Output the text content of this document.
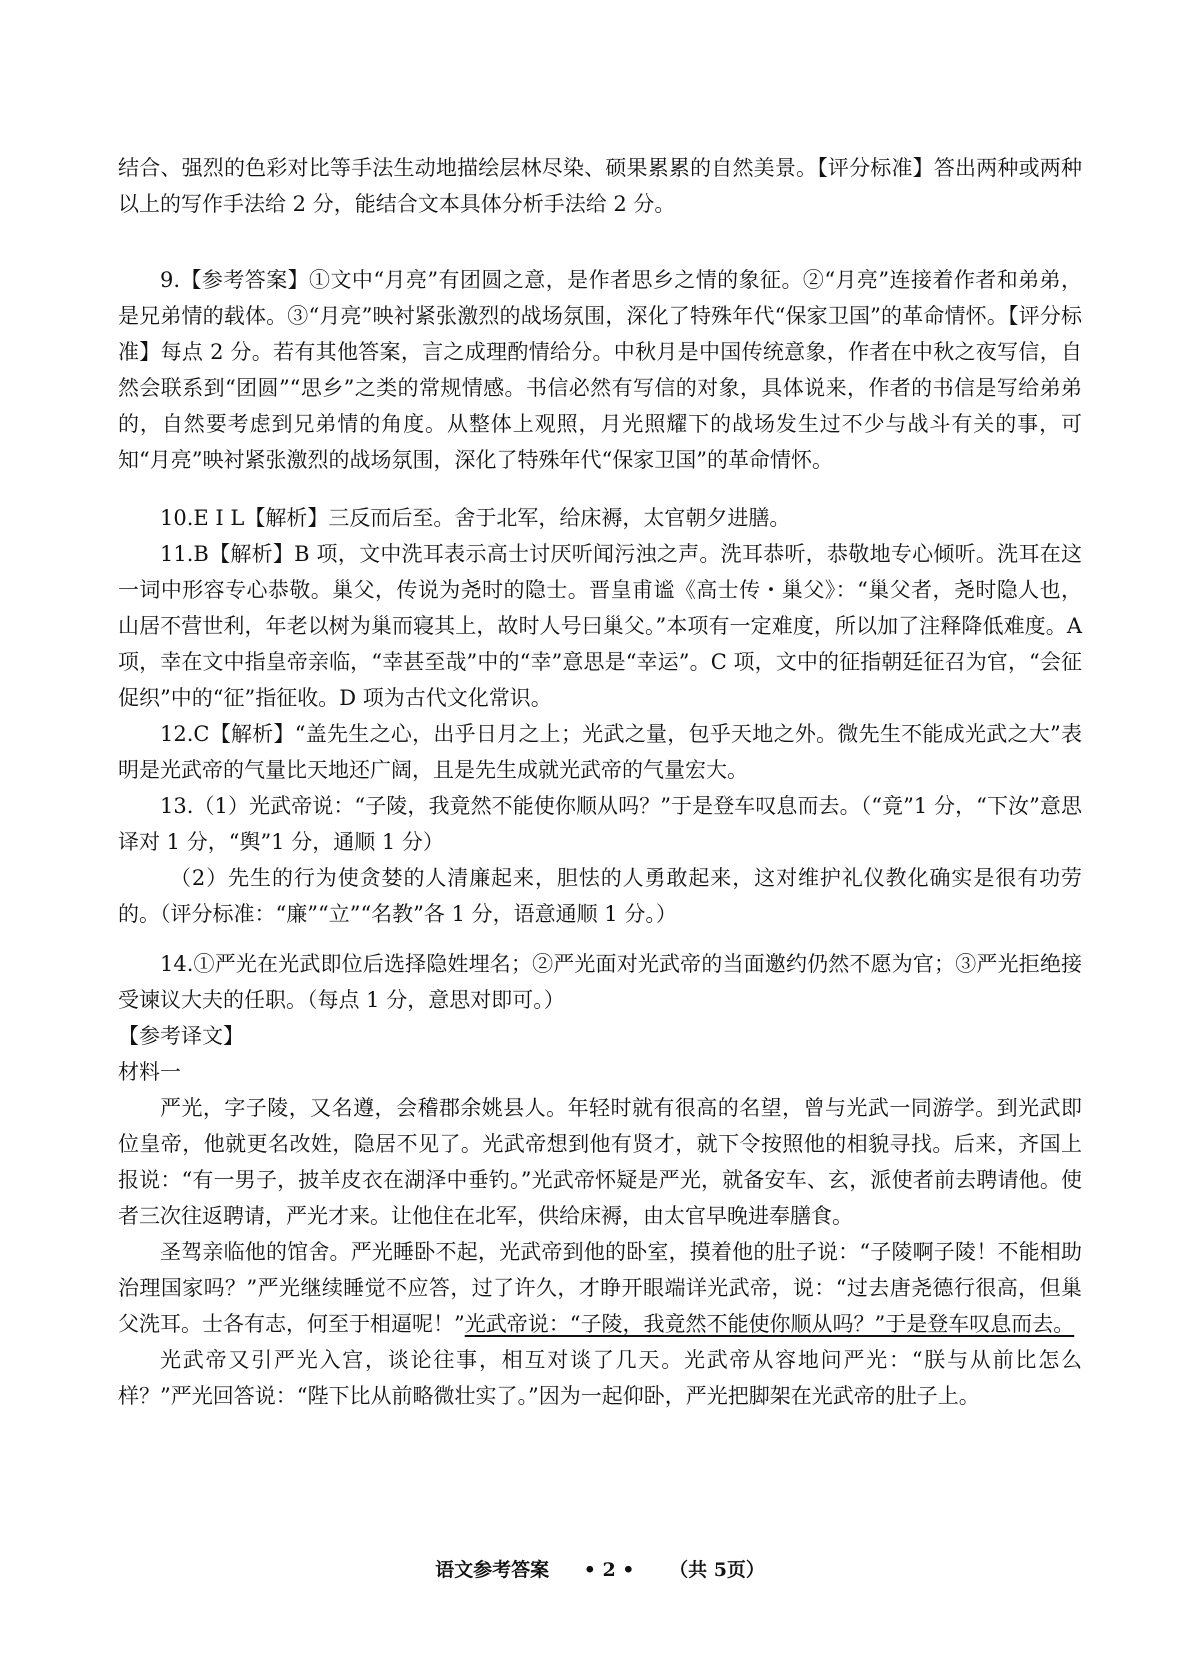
结合、强烈的色彩对比等手法生动地描绘层林尽染、硕果累累的自然美景。【评分标准】答出两种或两种以上的写作手法给 2 分，能结合文本具体分析手法给 2 分。

9.【参考答案】①文中“月亮”有团圆之意，是作者思乡之情的象征。②“月亮”连接着作者和弟弟，是兄弟情的载体。③“月亮”映衬紧张激烈的战场氛围，深化了特殊年代“保家卫国”的革命情怀。【评分标准】每点 2 分。若有其他答案，言之成理酌情给分。中秋月是中国传统意象，作者在中秋之夜写信，自然会联系到“团圆”“思乡”之类的常规情感。书信必然有写信的对象，具体说来，作者的书信是写给弟弟的，自然要考虑到兄弟情的角度。从整体上观照，月光照耀下的战场发生过不少与战斗有关的事，可知“月亮”映衬紧张激烈的战场氛围，深化了特殊年代“保家卫国”的革命情怀。

10.E I L【解析】三反而后至。舍于北军，给床褥，太官朝夕进膳。

11.B【解析】B 项，文中洗耳表示高士讨厌听闻污浊之声。洗耳恭听，恭敬地专心倾听。洗耳在这一词中形容专心恭敬。巢父，传说为尧时的隐士。晋皇甫谧《高士传・巢父》：“巢父者，尧时隐人也，山居不营世利，年老以树为巢而寝其上，故时人号曰巢父。”本项有一定难度，所以加了注释降低难度。A 项，幸在文中指皇帝亲临，“幸甚至哉”中的“幸”意思是“幸运”。C 项，文中的征指朝廷征召为官，“会征促织”中的“征”指征收。D 项为古代文化常识。

12.C【解析】“盖先生之心，出乎日月之上；光武之量，包乎天地之外。微先生不能成光武之大”表明是光武帝的气量比天地还广阔，且是先生成就光武帝的气量宏大。

13.（1）光武帝说：“子陵，我竟然不能使你顺从吗？”于是登车叹息而去。（“竟”1 分，“下汝”意思译对 1 分，“舆”1 分，通顺 1 分）

（2）先生的行为使贪婪的人清廉起来，胆怯的人勇敢起来，这对维护礼仪教化确实是很有功劳的。（评分标准：“廉”“立”“名教”各 1 分，语意通顺 1 分。）

14.①严光在光武即位后选择隐姓埋名；②严光面对光武帝的当面邀约仍然不愿为官；③严光拒绝接受谏议大夫的任职。（每点 1 分，意思对即可。）

【参考译文】

材料一

严光，字子陵，又名遵，会稽郡余姚县人。年轻时就有很高的名望，曾与光武一同游学。到光武即位皇帝，他就更名改姓，隐居不见了。光武帝想到他有贤才，就下令按照他的相貌寻找。后来，齐国上报说：“有一男子，披羊皮衣在湖泽中垂钓。”光武帝怀疑是严光，就备安车、玄，派使者前去聘请他。使者三次往返聘请，严光才来。让他住在北军，供给床褥，由太官早晚进奉膳食。

圣驾亲临他的馆舍。严光睡卧不起，光武帝到他的卧室，摸着他的肚子说：“子陵啊子陵！不能相助治理国家吗？”严光继续睡觉不应答，过了许久，才睁开眼端详光武帝，说：“过去唐尧德行很高，但巢父洗耳。士各有志，何至于相逼呢！”光武帝说：“子陵，我竟然不能使你顺从吗？”于是登车叹息而去。

光武帝又引严光入宫，谈论往事，相互对谈了几天。光武帝从容地问严光：“朕与从前比怎么样？”严光回答说：“陛下比从前略微壮实了。”因为一起仰卧，严光把脚架在光武帝的肚子上。

语文参考答案 • 2 • （共 5页）
